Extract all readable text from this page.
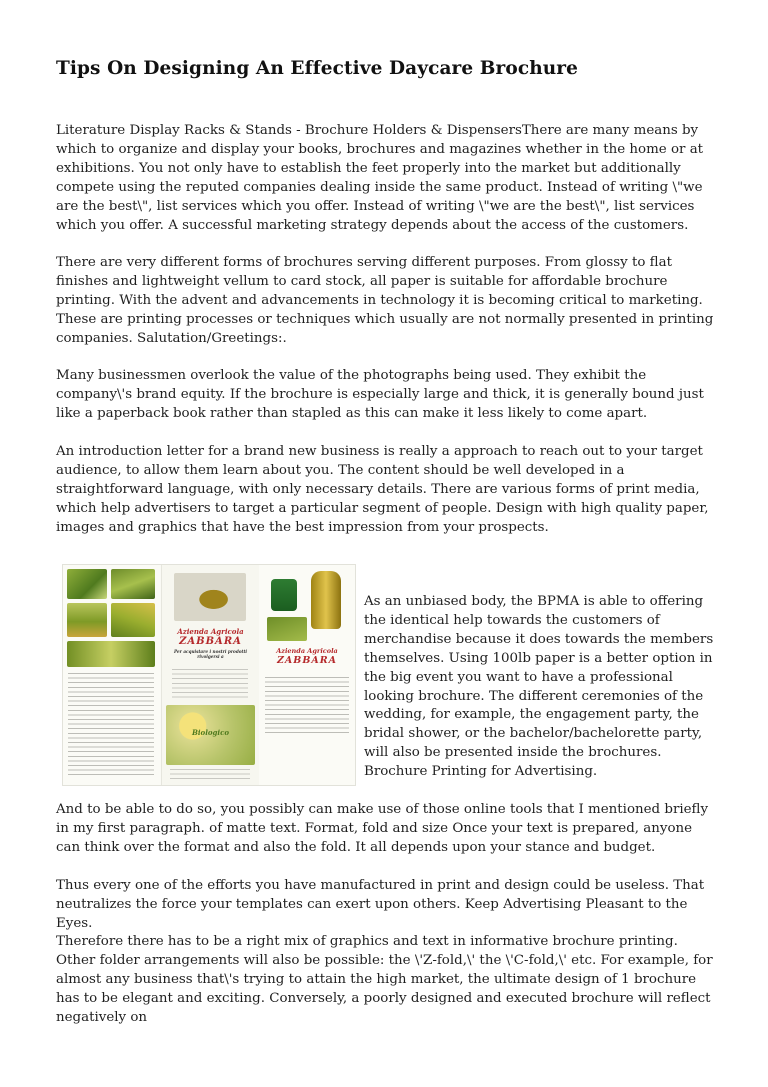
Tips On Designing An Effective Daycare Brochure

Literature Display Racks & Stands - Brochure Holders & DispensersThere are many means by which to organize and display your books, brochures and magazines whether in the home or at exhibitions. You not only have to establish the feet properly into the market but additionally compete using the reputed companies dealing inside the same product. Instead of writing \"we are the best\", list services which you offer. Instead of writing \"we are the best\", list services which you offer. A successful marketing strategy depends about the access of the customers.

There are very different forms of brochures serving different purposes. From glossy to flat finishes and lightweight vellum to card stock, all paper is suitable for affordable brochure printing. With the advent and advancements in technology it is becoming critical to marketing. These are printing processes or techniques which usually are not normally presented in printing companies. Salutation/Greetings:.

Many businessmen overlook the value of the photographs being used. They exhibit the company\'s brand equity. If the brochure is especially large and thick, it is generally bound just like a paperback book rather than stapled as this can make it less likely to come apart.

An introduction letter for a brand new business is really a approach to reach out to your target audience, to allow them learn about you. The content should be well developed in a straightforward language, with only necessary details. There are various forms of print media, which help advertisers to target a particular segment of people. Design with high quality paper, images and graphics that have the best impression from your prospects.

Azienda Agricola
ZABBARA
Per acquistare i nostri prodotti rivolgersi a
Biologico
Azienda Agricola
ZABBARA

As an unbiased body, the BPMA is able to offering the identical help towards the customers of merchandise because it does towards the members themselves. Using 100lb paper is a better option in the big event you want to have a professional looking brochure. The different ceremonies of the wedding, for example, the engagement party, the bridal shower, or the bachelor/bachelorette party, will also be presented inside the brochures. Brochure Printing for Advertising.

And to be able to do so, you possibly can make use of those online tools that I mentioned briefly in my first paragraph. of matte text. Format, fold and size Once your text is prepared, anyone can think over the format and also the fold. It all depends upon your stance and budget.

Thus every one of the efforts you have manufactured in print and design could be useless. That neutralizes the force your templates can exert upon others. Keep Advertising Pleasant to the Eyes.

Therefore there has to be a right mix of graphics and text in informative brochure printing. Other folder arrangements will also be possible: the \'Z-fold,\' the \'C-fold,\' etc. For example, for almost any business that\'s trying to attain the high market, the ultimate design of 1 brochure has to be elegant and exciting. Conversely, a poorly designed and executed brochure will reflect negatively on
